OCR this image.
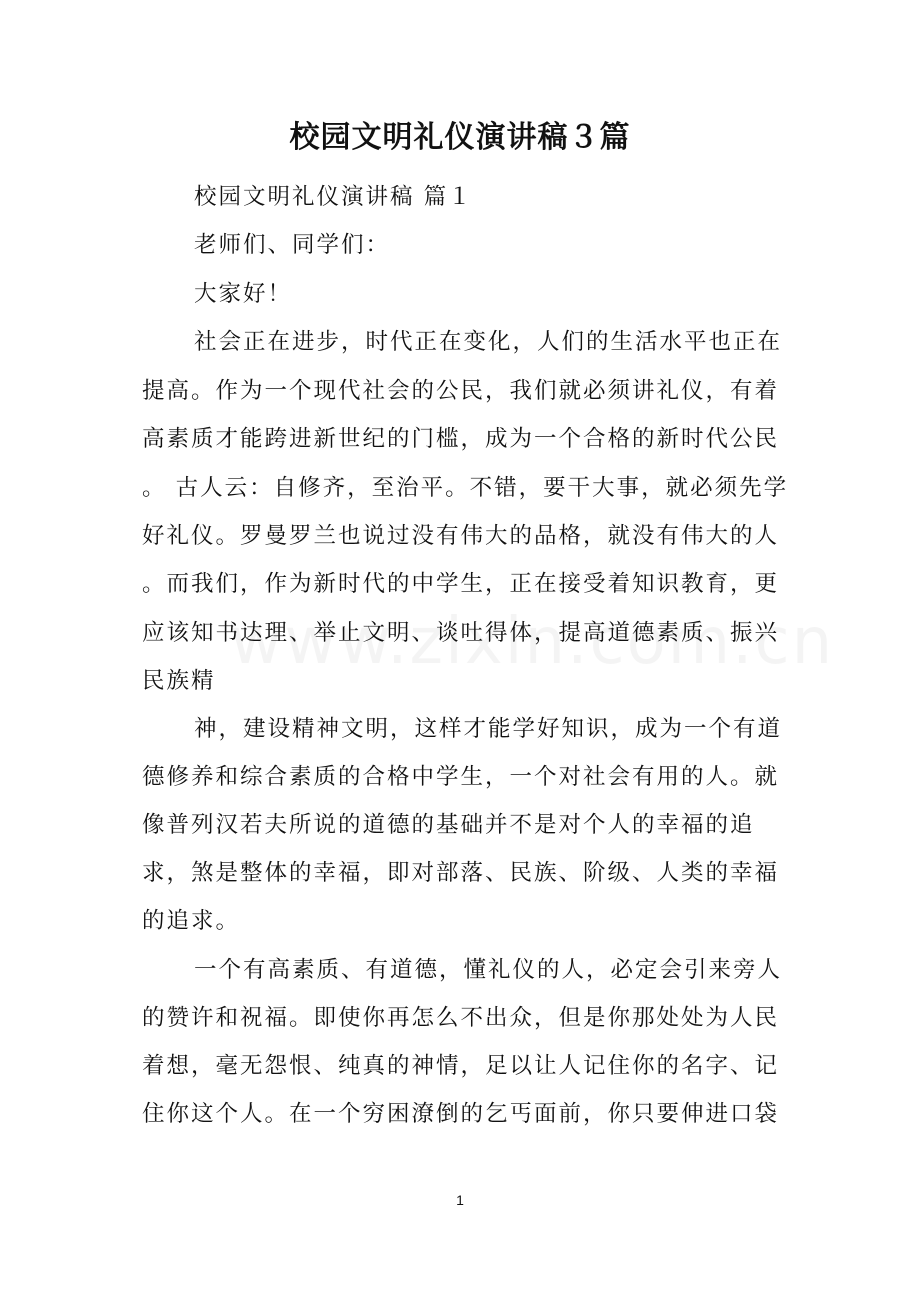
校园文明礼仪演讲稿３篇
校园文明礼仪演讲稿 篇１
老师们、同学们：
大家好！
社会正在进步，时代正在变化，人们的生活水平也正在
提高。作为一个现代社会的公民，我们就必须讲礼仪，有着
高素质才能跨进新世纪的门槛，成为一个合格的新时代公民
。 古人云：自修齐，至治平。不错，要干大事，就必须先学
好礼仪。罗曼罗兰也说过没有伟大的品格，就没有伟大的人
。而我们，作为新时代的中学生，正在接受着知识教育，更
应该知书达理、举止文明、谈吐得体，提高道德素质、振兴
民族精
神，建设精神文明，这样才能学好知识，成为一个有道
德修养和综合素质的合格中学生，一个对社会有用的人。就
像普列汉若夫所说的道德的基础并不是对个人的幸福的追
求，煞是整体的幸福，即对部落、民族、阶级、人类的幸福
的追求。
一个有高素质、有道德，懂礼仪的人，必定会引来旁人
的赞许和祝福。即使你再怎么不出众，但是你那处处为人民
着想，毫无怨恨、纯真的神情，足以让人记住你的名字、记
住你这个人。在一个穷困潦倒的乞丐面前，你只要伸进口袋
1
